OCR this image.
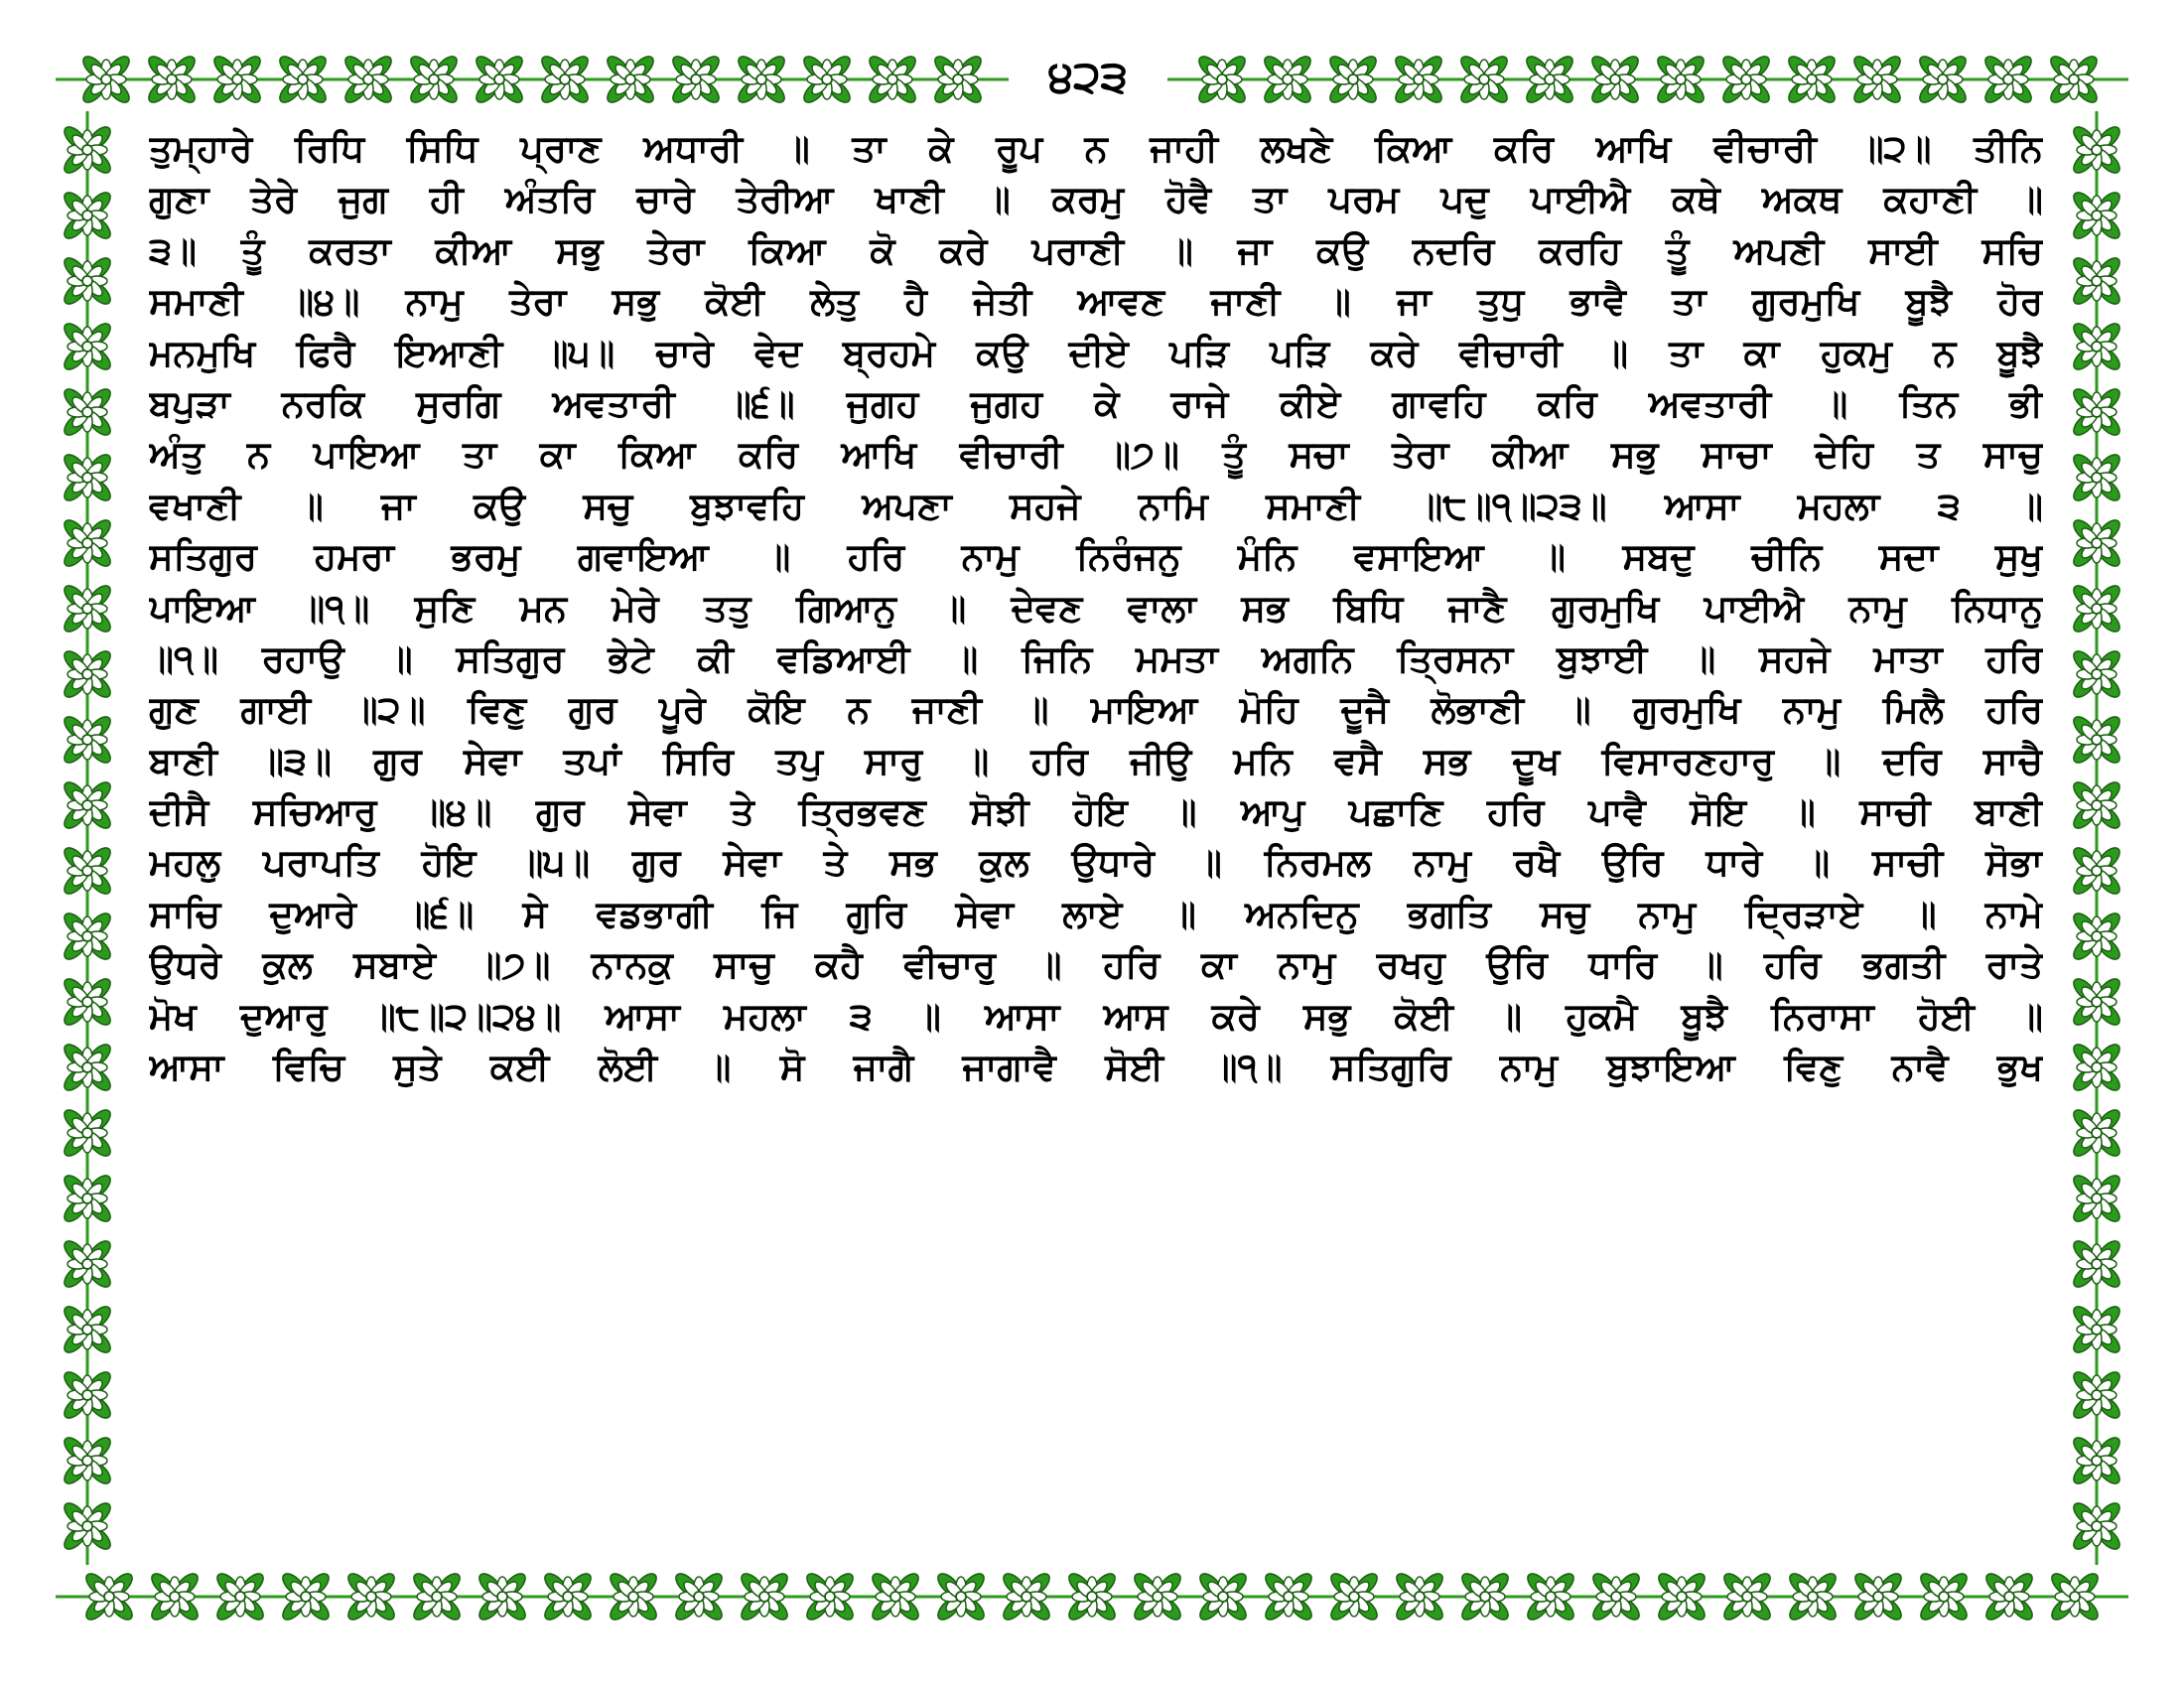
੪੨੩
ਤੁਮ੍ਹਾਰੇ ਰਿਧਿ ਸਿਧਿ ਪ੍ਰਾਣ ਅਧਾਰੀ ॥ ਤਾ ਕੇ ਰੂਪ ਨ ਜਾਹੀ ਲਖਣੇ ਕਿਆ ਕਰਿ ਆਖਿ ਵੀਚਾਰੀ ॥੨॥ ਤੀਨਿ
ਗੁਣਾ ਤੇਰੇ ਜੁਗ ਹੀ ਅੰਤਰਿ ਚਾਰੇ ਤੇਰੀਆ ਖਾਣੀ ॥ ਕਰਮੁ ਹੋਵੈ ਤਾ ਪਰਮ ਪਦੁ ਪਾਈਐ ਕਥੇ ਅਕਥ ਕਹਾਣੀ ॥
੩॥ ਤੂੰ ਕਰਤਾ ਕੀਆ ਸਭੁ ਤੇਰਾ ਕਿਆ ਕੋ ਕਰੇ ਪਰਾਣੀ ॥ ਜਾ ਕਉ ਨਦਰਿ ਕਰਹਿ ਤੂੰ ਅਪਣੀ ਸਾਈ ਸਚਿ
ਸਮਾਣੀ ॥੪॥ ਨਾਮੁ ਤੇਰਾ ਸਭੁ ਕੋਈ ਲੇਤੁ ਹੈ ਜੇਤੀ ਆਵਣ ਜਾਣੀ ॥ ਜਾ ਤੁਧੁ ਭਾਵੈ ਤਾ ਗੁਰਮੁਖਿ ਬੂਝੈ ਹੋਰ
ਮਨਮੁਖਿ ਫਿਰੈ ਇਆਣੀ ॥੫॥ ਚਾਰੇ ਵੇਦ ਬ੍ਰਹਮੇ ਕਉ ਦੀਏ ਪੜਿ ਪੜਿ ਕਰੇ ਵੀਚਾਰੀ ॥ ਤਾ ਕਾ ਹੁਕਮੁ ਨ ਬੂਝੈ
ਬਪੁੜਾ ਨਰਕਿ ਸੁਰਗਿ ਅਵਤਾਰੀ ॥੬॥ ਜੁਗਹ ਜੁਗਹ ਕੇ ਰਾਜੇ ਕੀਏ ਗਾਵਹਿ ਕਰਿ ਅਵਤਾਰੀ ॥ ਤਿਨ ਭੀ
ਅੰਤੁ ਨ ਪਾਇਆ ਤਾ ਕਾ ਕਿਆ ਕਰਿ ਆਖਿ ਵੀਚਾਰੀ ॥੭॥ ਤੂੰ ਸਚਾ ਤੇਰਾ ਕੀਆ ਸਭੁ ਸਾਚਾ ਦੇਹਿ ਤ ਸਾਚੁ
ਵਖਾਣੀ ॥ ਜਾ ਕਉ ਸਚੁ ਬੁਝਾਵਹਿ ਅਪਣਾ ਸਹਜੇ ਨਾਮਿ ਸਮਾਣੀ ॥੮॥੧॥੨੩॥ ਆਸਾ ਮਹਲਾ ੩ ॥
ਸਤਿਗੁਰ ਹਮਰਾ ਭਰਮੁ ਗਵਾਇਆ ॥ ਹਰਿ ਨਾਮੁ ਨਿਰੰਜਨੁ ਮੰਨਿ ਵਸਾਇਆ ॥ ਸਬਦੁ ਚੀਨਿ ਸਦਾ ਸੁਖੁ
ਪਾਇਆ ॥੧॥ ਸੁਣਿ ਮਨ ਮੇਰੇ ਤਤੁ ਗਿਆਨੁ ॥ ਦੇਵਣ ਵਾਲਾ ਸਭ ਬਿਧਿ ਜਾਣੈ ਗੁਰਮੁਖਿ ਪਾਈਐ ਨਾਮੁ ਨਿਧਾਨੁ
॥੧॥ ਰਹਾਉ ॥ ਸਤਿਗੁਰ ਭੇਟੇ ਕੀ ਵਡਿਆਈ ॥ ਜਿਨਿ ਮਮਤਾ ਅਗਨਿ ਤ੍ਰਿਸਨਾ ਬੁਝਾਈ ॥ ਸਹਜੇ ਮਾਤਾ ਹਰਿ
ਗੁਣ ਗਾਈ ॥੨॥ ਵਿਣੁ ਗੁਰ ਪੂਰੇ ਕੋਇ ਨ ਜਾਣੀ ॥ ਮਾਇਆ ਮੋਹਿ ਦੂਜੈ ਲੋਭਾਣੀ ॥ ਗੁਰਮੁਖਿ ਨਾਮੁ ਮਿਲੈ ਹਰਿ
ਬਾਣੀ ॥੩॥ ਗੁਰ ਸੇਵਾ ਤਪਾਂ ਸਿਰਿ ਤਪੁ ਸਾਰੁ ॥ ਹਰਿ ਜੀਉ ਮਨਿ ਵਸੈ ਸਭ ਦੂਖ ਵਿਸਾਰਣਹਾਰੁ ॥ ਦਰਿ ਸਾਚੈ
ਦੀਸੈ ਸਚਿਆਰੁ ॥੪॥ ਗੁਰ ਸੇਵਾ ਤੇ ਤ੍ਰਿਭਵਣ ਸੋਝੀ ਹੋਇ ॥ ਆਪੁ ਪਛਾਣਿ ਹਰਿ ਪਾਵੈ ਸੋਇ ॥ ਸਾਚੀ ਬਾਣੀ
ਮਹਲੁ ਪਰਾਪਤਿ ਹੋਇ ॥੫॥ ਗੁਰ ਸੇਵਾ ਤੇ ਸਭ ਕੁਲ ਉਧਾਰੇ ॥ ਨਿਰਮਲ ਨਾਮੁ ਰਖੈ ਉਰਿ ਧਾਰੇ ॥ ਸਾਚੀ ਸੋਭਾ
ਸਾਚਿ ਦੁਆਰੇ ॥੬॥ ਸੇ ਵਡਭਾਗੀ ਜਿ ਗੁਰਿ ਸੇਵਾ ਲਾਏ ॥ ਅਨਦਿਨੁ ਭਗਤਿ ਸਚੁ ਨਾਮੁ ਦ੍ਰਿੜਾਏ ॥ ਨਾਮੇ
ਉਧਰੇ ਕੁਲ ਸਬਾਏ ॥੭॥ ਨਾਨਕੁ ਸਾਚੁ ਕਹੈ ਵੀਚਾਰੁ ॥ ਹਰਿ ਕਾ ਨਾਮੁ ਰਖਹੁ ਉਰਿ ਧਾਰਿ ॥ ਹਰਿ ਭਗਤੀ ਰਾਤੇ
ਮੋਖ ਦੁਆਰੁ ॥੮॥੨॥੨੪॥ ਆਸਾ ਮਹਲਾ ੩ ॥ ਆਸਾ ਆਸ ਕਰੇ ਸਭੁ ਕੋਈ ॥ ਹੁਕਮੈ ਬੂਝੈ ਨਿਰਾਸਾ ਹੋਈ ॥
ਆਸਾ ਵਿਚਿ ਸੁਤੇ ਕਈ ਲੋਈ ॥ ਸੋ ਜਾਗੈ ਜਾਗਾਵੈ ਸੋਈ ॥੧॥ ਸਤਿਗੁਰਿ ਨਾਮੁ ਬੁਝਾਇਆ ਵਿਣੁ ਨਾਵੈ ਭੁਖ
